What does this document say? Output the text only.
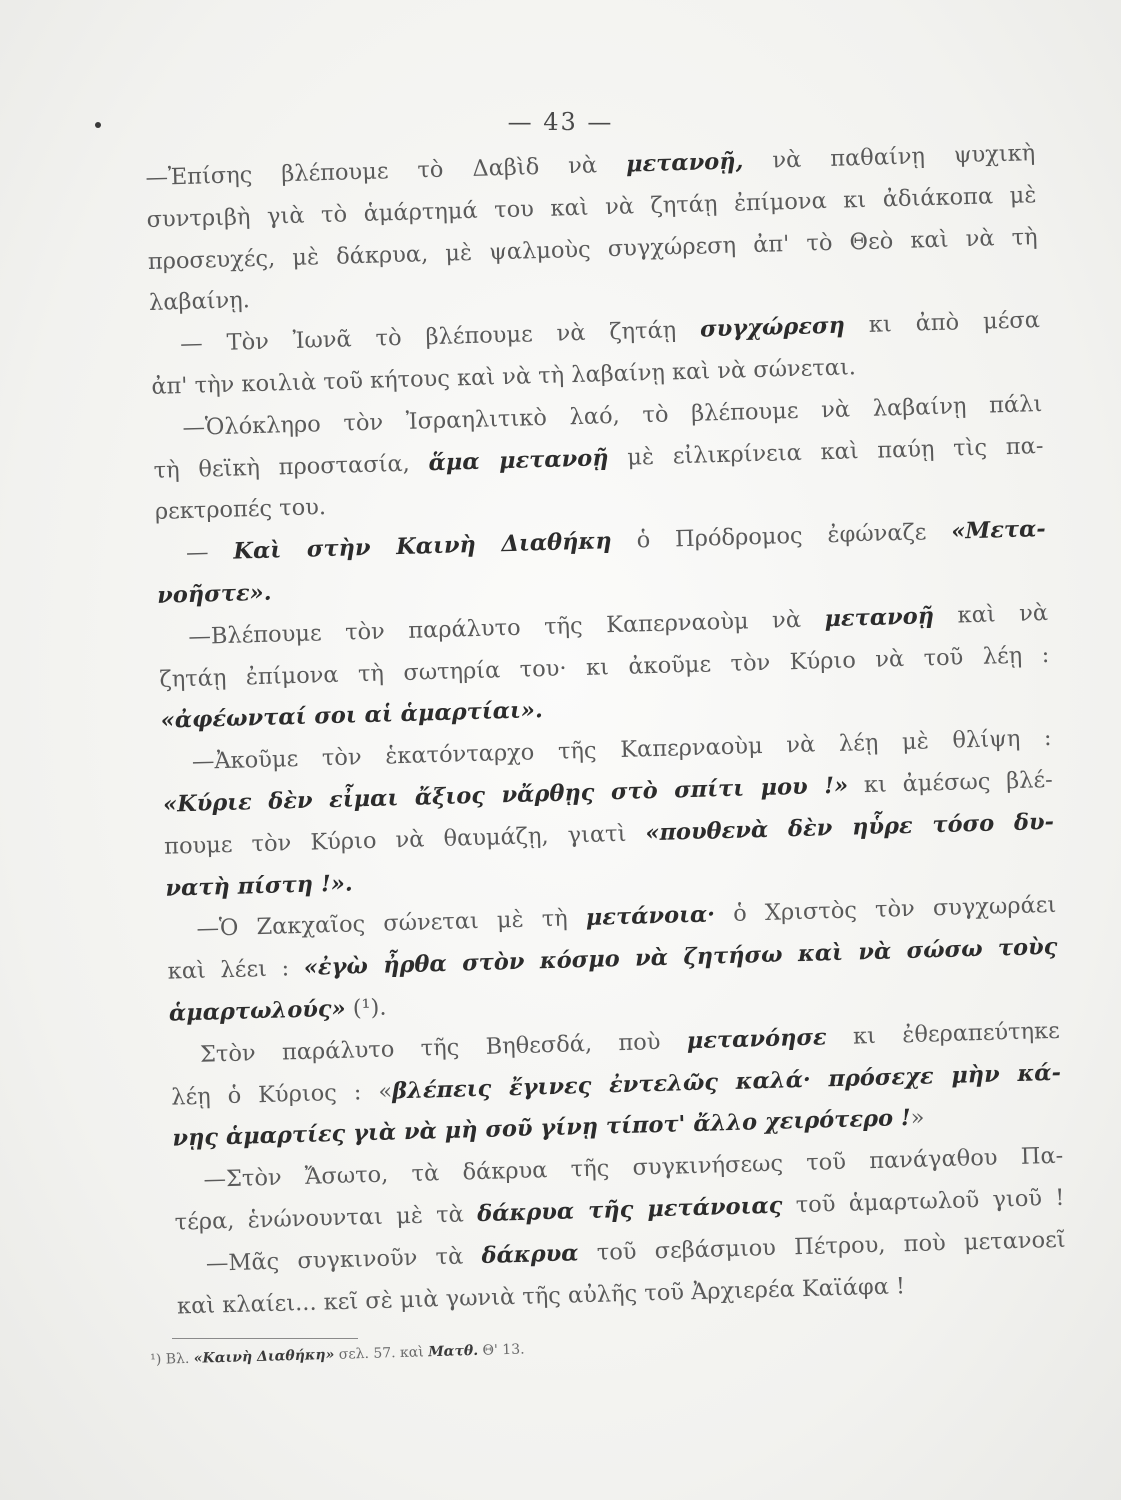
— 43 —
—Ἐπίσης βλέπουμε τὸ Δαβὶδ νὰ μετανοῇ, νὰ παθαίνῃ ψυχικὴ
συντριβὴ γιὰ τὸ ἁμάρτημά του καὶ νὰ ζητάῃ ἐπίμονα κι ἀδιάκοπα μὲ
προσευχές, μὲ δάκρυα, μὲ ψαλμοὺς συγχώρεση ἀπ' τὸ Θεὸ καὶ νὰ τὴ
λαβαίνῃ.
— Τὸν Ἰωνᾶ τὸ βλέπουμε νὰ ζητάῃ συγχώρεση κι ἀπὸ μέσα
ἀπ' τὴν κοιλιὰ τοῦ κήτους καὶ νὰ τὴ λαβαίνῃ καὶ νὰ σώνεται.
—Ὁλόκληρο τὸν Ἰσραηλιτικὸ λαό, τὸ βλέπουμε νὰ λαβαίνῃ πάλι
τὴ θεϊκὴ προστασία, ἅμα μετανοῇ μὲ εἰλικρίνεια καὶ παύῃ τὶς πα-
ρεκτροπές του.
— Καὶ στὴν Καινὴ Διαθήκη ὁ Πρόδρομος ἐφώναζε «Μετα-
νοῆστε».
—Βλέπουμε τὸν παράλυτο τῆς Καπερναοὺμ νὰ μετανοῇ καὶ νὰ
ζητάῃ ἐπίμονα τὴ σωτηρία του· κι ἀκοῦμε τὸν Κύριο νὰ τοῦ λέῃ :
«ἀφέωνταί σοι αἱ ἁμαρτίαι».
—Ἀκοῦμε τὸν ἑκατόνταρχο τῆς Καπερναοὺμ νὰ λέῃ μὲ θλίψη :
«Κύριε δὲν εἶμαι ἄξιος νἄρθῃς στὸ σπίτι μου !» κι ἀμέσως βλέ-
πουμε τὸν Κύριο νὰ θαυμάζῃ, γιατὶ «πουθενὰ δὲν ηὗρε τόσο δυ-
νατὴ πίστη !».
—Ὁ Ζακχαῖος σώνεται μὲ τὴ μετάνοια· ὁ Χριστὸς τὸν συγχωράει
καὶ λέει : «ἐγὼ ἦρθα στὸν κόσμο νὰ ζητήσω καὶ νὰ σώσω τοὺς
ἁμαρτωλούς» (¹).
Στὸν παράλυτο τῆς Βηθεσδά, ποὺ μετανόησε κι ἐθεραπεύτηκε
λέῃ ὁ Κύριος : «βλέπεις ἔγινες ἐντελῶς καλά· πρόσεχε μὴν κά-
νῃς ἁμαρτίες γιὰ νὰ μὴ σοῦ γίνῃ τίποτ' ἄλλο χειρότερο !»
—Στὸν Ἄσωτο, τὰ δάκρυα τῆς συγκινήσεως τοῦ πανάγαθου Πα-
τέρα, ἑνώνουνται μὲ τὰ δάκρυα τῆς μετάνοιας τοῦ ἁμαρτωλοῦ γιοῦ !
—Μᾶς συγκινοῦν τὰ δάκρυα τοῦ σεβάσμιου Πέτρου, ποὺ μετανοεῖ
καὶ κλαίει... κεῖ σὲ μιὰ γωνιὰ τῆς αὐλῆς τοῦ Ἀρχιερέα Καϊάφα !
¹) Βλ. «Καινὴ Διαθήκη» σελ. 57. καὶ Ματθ. Θ' 13.
